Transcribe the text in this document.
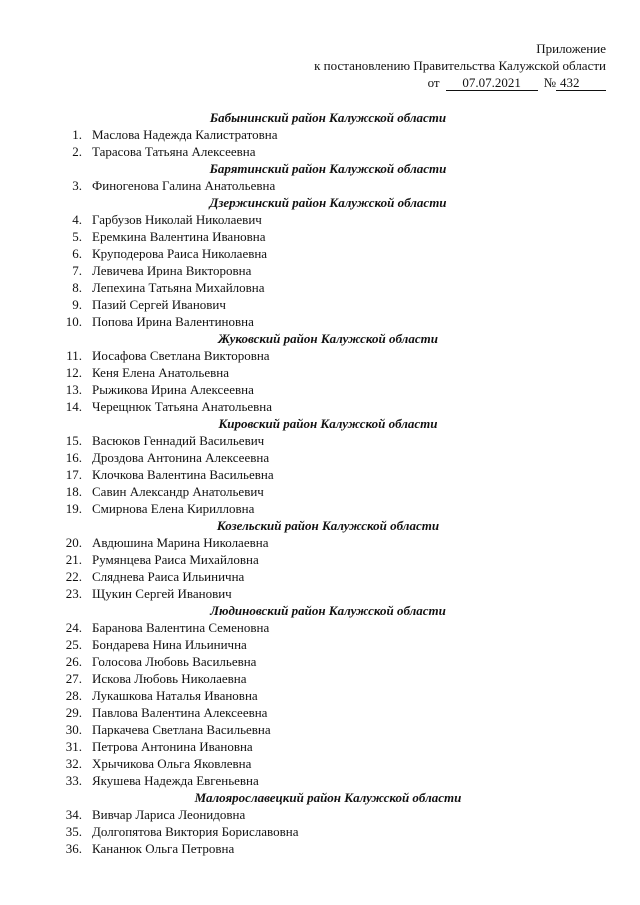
Приложение
к постановлению Правительства Калужской области
от 07.07.2021 № 432
Бабынинский район Калужской области
1. Маслова Надежда Калистратовна
2. Тарасова Татьяна Алексеевна
Барятинский район Калужской области
3. Финогенова Галина Анатольевна
Дзержинский район Калужской области
4. Гарбузов Николай Николаевич
5. Еремкина Валентина Ивановна
6. Круподерова Раиса Николаевна
7. Левичева Ирина Викторовна
8. Лепехина Татьяна Михайловна
9. Пазий Сергей Иванович
10. Попова Ирина Валентиновна
Жуковский район Калужской области
11. Иосафова Светлана Викторовна
12. Кеня Елена Анатольевна
13. Рыжикова Ирина Алексеевна
14. Черещнюк Татьяна Анатольевна
Кировский район Калужской области
15. Васюков Геннадий Васильевич
16. Дроздова Антонина Алексеевна
17. Клочкова Валентина Васильевна
18. Савин Александр Анатольевич
19. Смирнова Елена Кирилловна
Козельский район Калужской области
20. Авдюшина Марина Николаевна
21. Румянцева Раиса Михайловна
22. Сляднева Раиса Ильинична
23. Щукин Сергей Иванович
Людиновский район Калужской области
24. Баранова Валентина Семеновна
25. Бондарева Нина Ильинична
26. Голосова Любовь Васильевна
27. Искова Любовь Николаевна
28. Лукашкова Наталья Ивановна
29. Павлова Валентина Алексеевна
30. Паркачева Светлана Васильевна
31. Петрова Антонина Ивановна
32. Хрычикова Ольга Яковлевна
33. Якушева Надежда Евгеньевна
Малоярославецкий район Калужской области
34. Вивчар Лариса Леонидовна
35. Долгопятова Виктория Бориславовна
36. Кананюк Ольга Петровна
